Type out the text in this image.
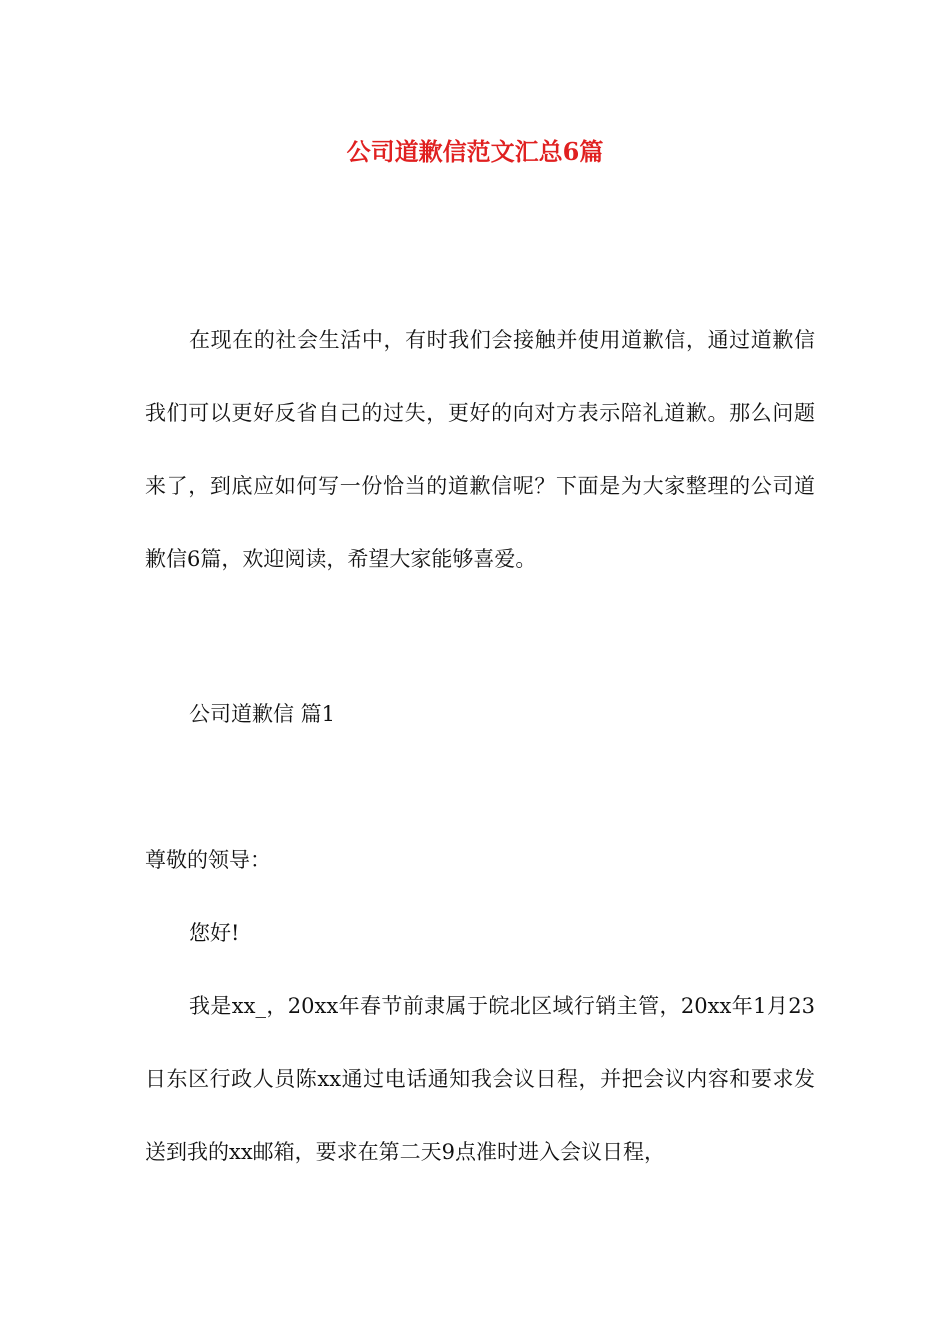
公司道歉信范文汇总6篇

在现在的社会生活中，有时我们会接触并使用道歉信，通过道歉信我们可以更好反省自己的过失，更好的向对方表示陪礼道歉。那么问题来了，到底应如何写一份恰当的道歉信呢？下面是为大家整理的公司道歉信6篇，欢迎阅读，希望大家能够喜爱。

公司道歉信 篇1

尊敬的领导：

您好!

我是xx_，20xx年春节前隶属于皖北区域行销主管，20xx年1月23日东区行政人员陈xx通过电话通知我会议日程，并把会议内容和要求发送到我的xx邮箱，要求在第二天9点准时进入会议日程，
